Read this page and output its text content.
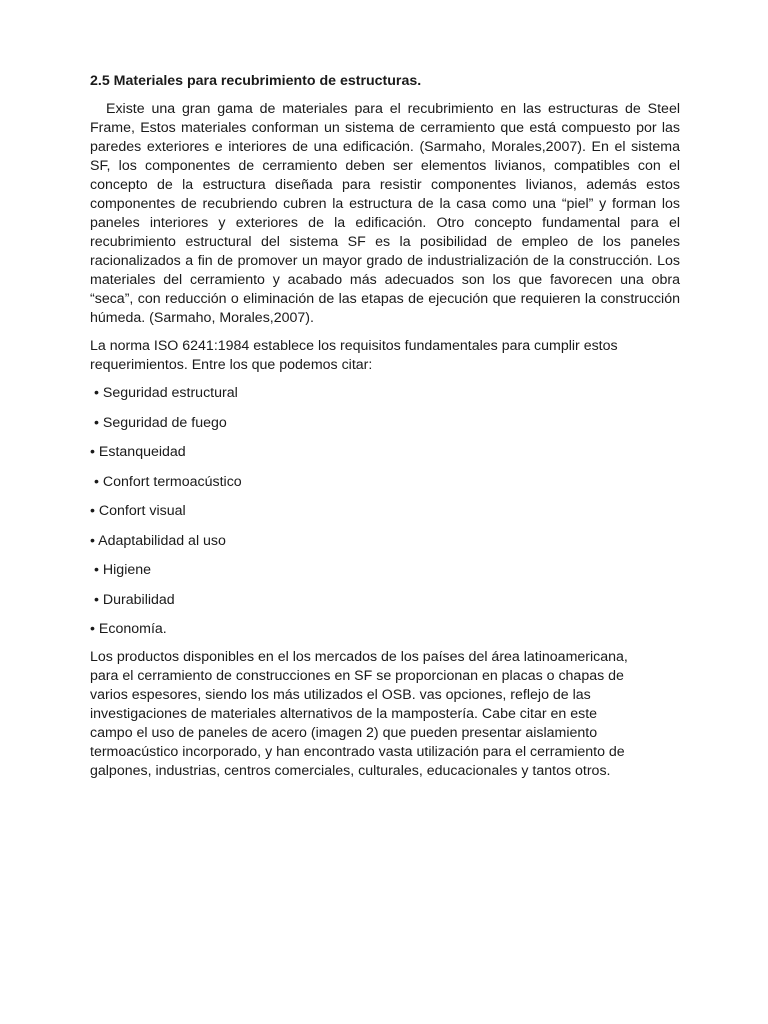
2.5 Materiales para recubrimiento de estructuras.

Existe una gran gama de materiales para el recubrimiento en las estructuras de Steel Frame, Estos materiales conforman un sistema de cerramiento que está compuesto por las paredes exteriores e interiores de una edificación. (Sarmaho, Morales,2007). En el sistema SF, los componentes de cerramiento deben ser elementos livianos, compatibles con el concepto de la estructura diseñada para resistir componentes livianos, además estos componentes de recubriendo cubren la estructura de la casa como una “piel” y forman los paneles interiores y exteriores de la edificación. Otro concepto fundamental para el recubrimiento estructural del sistema SF es la posibilidad de empleo de los paneles racionalizados a fin de promover un mayor grado de industrialización de la construcción. Los materiales del cerramiento y acabado más adecuados son los que favorecen una obra “seca”, con reducción o eliminación de las etapas de ejecución que requieren la construcción húmeda. (Sarmaho, Morales,2007).

La norma ISO 6241:1984 establece los requisitos fundamentales para cumplir estos
requerimientos. Entre los que podemos citar:

• Seguridad estructural
• Seguridad de fuego
• Estanqueidad
• Confort termoacústico
• Confort visual
• Adaptabilidad al uso
• Higiene
• Durabilidad
• Economía.

Los productos disponibles en el los mercados de los países del área latinoamericana,
para el cerramiento de construcciones en SF se proporcionan en placas o chapas de
varios espesores, siendo los más utilizados el OSB. vas opciones, reflejo de las
investigaciones de materiales alternativos de la mampostería. Cabe citar en este
campo el uso de paneles de acero (imagen 2) que pueden presentar aislamiento
termoacústico incorporado, y han encontrado vasta utilización para el cerramiento de
galpones, industrias, centros comerciales, culturales, educacionales y tantos otros.
